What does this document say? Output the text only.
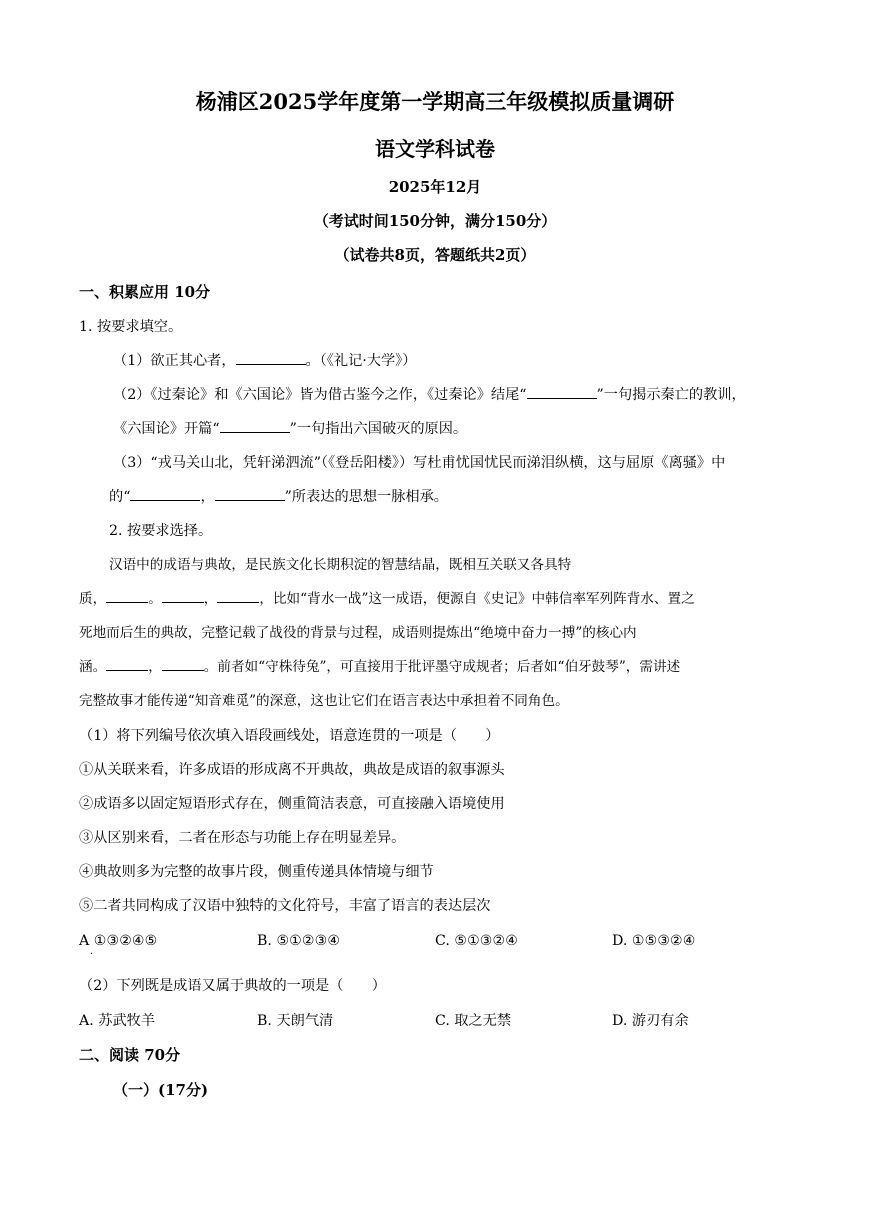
杨浦区2025学年度第一学期高三年级模拟质量调研
语文学科试卷
2025年12月
（考试时间150分钟，满分150分）
（试卷共8页，答题纸共2页）
一、积累应用 10分
1. 按要求填空。
（1）欲正其心者，	。（《礼记·大学》）
（2）《过秦论》和《六国论》皆为借古鉴今之作，《过秦论》结尾“	”一句揭示秦亡的教训，
《六国论》开篇“	”一句指出六国破灭的原因。
（3）“戎马关山北，凭轩涕泗流”（《登岳阳楼》）写杜甫忧国忧民而涕泪纵横，这与屈原《离骚》中
的“	，	”所表达的思想一脉相承。
2. 按要求选择。
汉语中的成语与典故，是民族文化长期积淀的智慧结晶，既相互关联又各具特
质，	。	，	，比如“背水一战”这一成语，便源自《史记》中韩信率军列阵背水、置之
死地而后生的典故，完整记载了战役的背景与过程，成语则提炼出“绝境中奋力一搏”的核心内
涵。	，	。前者如“守株待兔”，可直接用于批评墨守成规者；后者如“伯牙鼓琴”，需讲述
完整故事才能传递“知音难觅”的深意，这也让它们在语言表达中承担着不同角色。
（1）将下列编号依次填入语段画线处，语意连贯的一项是（　　）
①从关联来看，许多成语的形成离不开典故，典故是成语的叙事源头
②成语多以固定短语形式存在，侧重简洁表意，可直接融入语境使用
③从区别来看，二者在形态与功能上存在明显差异。
④典故则多为完整的故事片段，侧重传递具体情境与细节
⑤二者共同构成了汉语中独特的文化符号，丰富了语言的表达层次
A ①③②④⑤
·
B. ⑤①②③④	C. ⑤①③②④	D. ①⑤③②④
（2）下列既是成语又属于典故的一项是（　　）
A. 苏武牧羊	B. 天朗气清	C. 取之无禁	D. 游刃有余
二、阅读 70分
（一）(17分)
